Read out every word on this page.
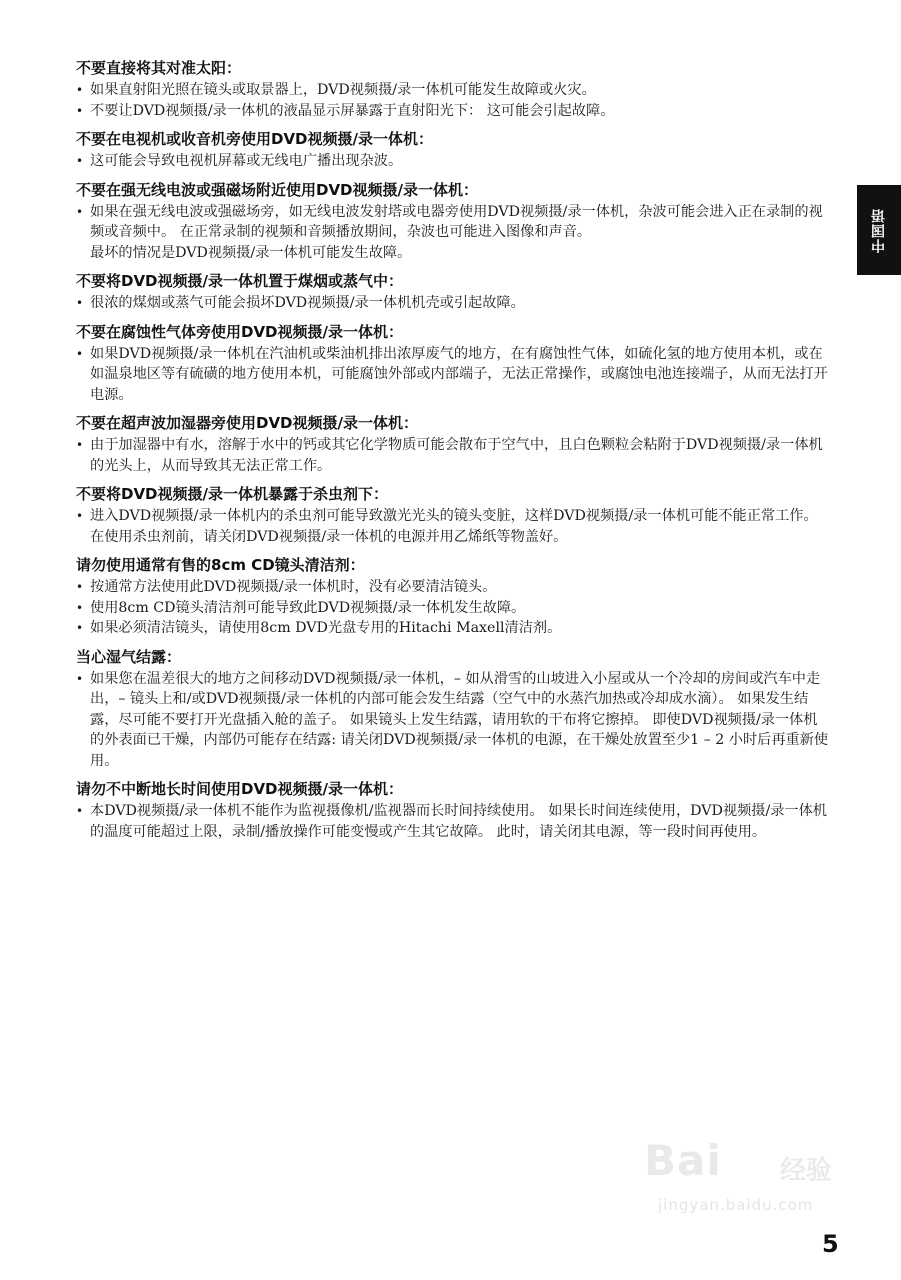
中国语
不要直接将其对准太阳：
• 如果直射阳光照在镜头或取景器上，DVD视频摄/录一体机可能发生故障或火灾。
• 不要让DVD视频摄/录一体机的液晶显示屏暴露于直射阳光下： 这可能会引起故障。
不要在电视机或收音机旁使用DVD视频摄/录一体机：
• 这可能会导致电视机屏幕或无线电广播出现杂波。
不要在强无线电波或强磁场附近使用DVD视频摄/录一体机：
• 如果在强无线电波或强磁场旁，如无线电波发射塔或电器旁使用DVD视频摄/录一体机，杂波可能会进入正在录制的视频或音频中。 在正常录制的视频和音频播放期间，杂波也可能进入图像和声音。
最坏的情况是DVD视频摄/录一体机可能发生故障。
不要将DVD视频摄/录一体机置于煤烟或蒸气中：
• 很浓的煤烟或蒸气可能会损坏DVD视频摄/录一体机机壳或引起故障。
不要在腐蚀性气体旁使用DVD视频摄/录一体机：
• 如果DVD视频摄/录一体机在汽油机或柴油机排出浓厚废气的地方，在有腐蚀性气体，如硫化氢的地方使用本机，或在如温泉地区等有硫磺的地方使用本机，可能腐蚀外部或内部端子，无法正常操作，或腐蚀电池连接端子，从而无法打开电源。
不要在超声波加湿器旁使用DVD视频摄/录一体机：
• 由于加湿器中有水，溶解于水中的钙或其它化学物质可能会散布于空气中，且白色颗粒会粘附于DVD视频摄/录一体机的光头上，从而导致其无法正常工作。
不要将DVD视频摄/录一体机暴露于杀虫剂下：
• 进入DVD视频摄/录一体机内的杀虫剂可能导致激光光头的镜头变脏，这样DVD视频摄/录一体机可能不能正常工作。 在使用杀虫剂前，请关闭DVD视频摄/录一体机的电源并用乙烯纸等物盖好。
请勿使用通常有售的8cm CD镜头清洁剂：
• 按通常方法使用此DVD视频摄/录一体机时，没有必要清洁镜头。
• 使用8cm CD镜头清洁剂可能导致此DVD视频摄/录一体机发生故障。
• 如果必须清洁镜头，请使用8cm DVD光盘专用的Hitachi Maxell清洁剂。
当心湿气结露：
• 如果您在温差很大的地方之间移动DVD视频摄/录一体机，– 如从滑雪的山坡进入小屋或从一个冷却的房间或汽车中走出，– 镜头上和/或DVD视频摄/录一体机的内部可能会发生结露（空气中的水蒸汽加热或冷却成水滴）。 如果发生结露，尽可能不要打开光盘插入舱的盖子。 如果镜头上发生结露，请用软的干布将它擦掉。 即使DVD视频摄/录一体机的外表面已干燥，内部仍可能存在结露: 请关闭DVD视频摄/录一体机的电源，在干燥处放置至少1 – 2 小时后再重新使用。
请勿不中断地长时间使用DVD视频摄/录一体机：
• 本DVD视频摄/录一体机不能作为监视摄像机/监视器而长时间持续使用。 如果长时间连续使用，DVD视频摄/录一体机的温度可能超过上限，录制/播放操作可能变慢或产生其它故障。 此时，请关闭其电源，等一段时间再使用。
Bai 经验
jingyan.baidu.com
5
